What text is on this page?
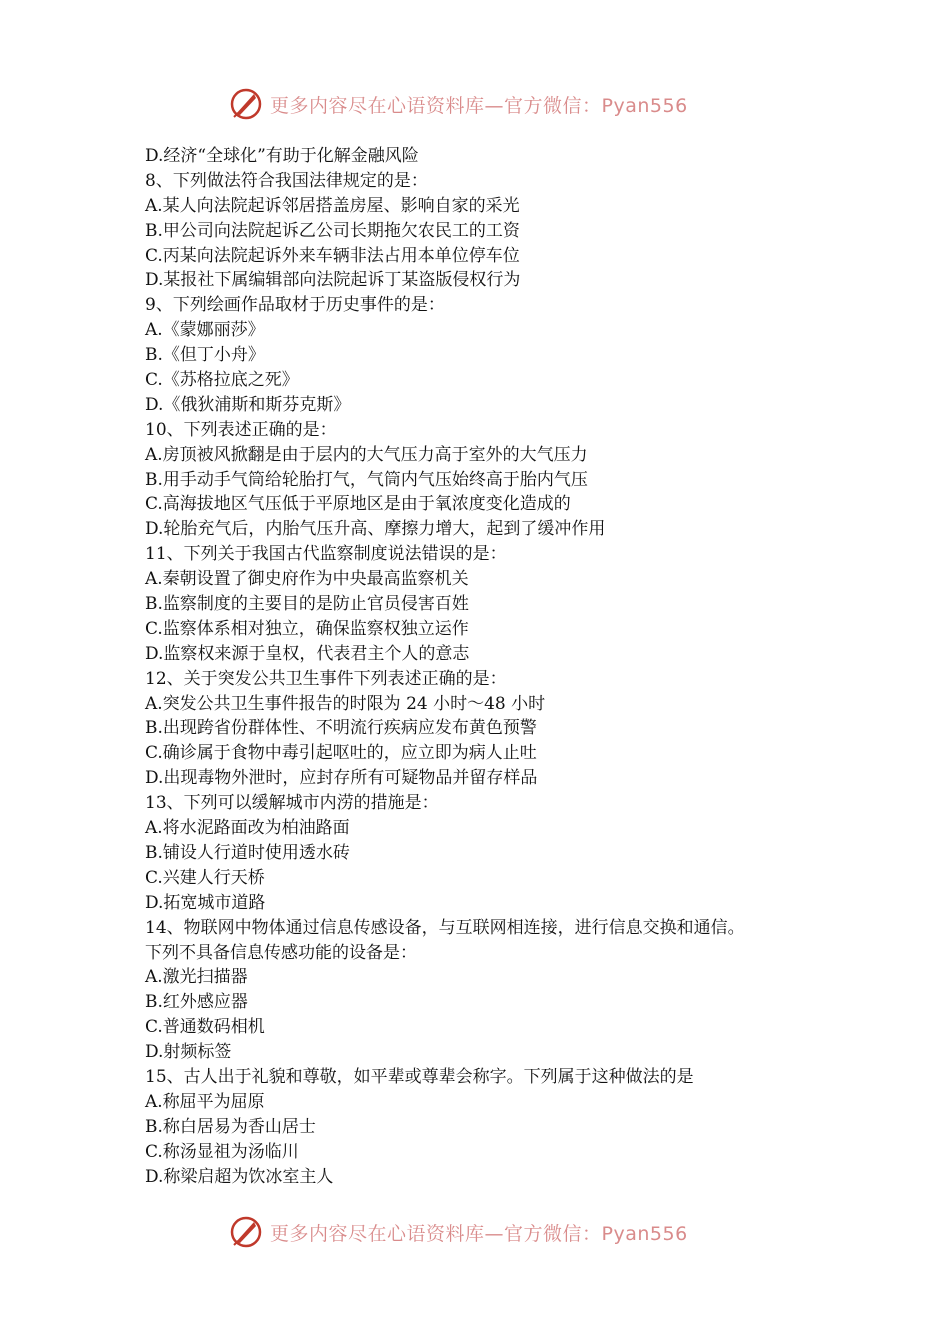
更多内容尽在心语资料库—官方微信：Pyan556
D.经济“全球化”有助于化解金融风险
8、下列做法符合我国法律规定的是：
A.某人向法院起诉邻居搭盖房屋、影响自家的采光
B.甲公司向法院起诉乙公司长期拖欠农民工的工资
C.丙某向法院起诉外来车辆非法占用本单位停车位
D.某报社下属编辑部向法院起诉丁某盗版侵权行为
9、下列绘画作品取材于历史事件的是：
A.《蒙娜丽莎》
B.《但丁小舟》
C.《苏格拉底之死》
D.《俄狄浦斯和斯芬克斯》
10、下列表述正确的是：
A.房顶被风掀翻是由于层内的大气压力高于室外的大气压力
B.用手动手气筒给轮胎打气，气筒内气压始终高于胎内气压
C.高海拔地区气压低于平原地区是由于氧浓度变化造成的
D.轮胎充气后，内胎气压升高、摩擦力增大，起到了缓冲作用
11、下列关于我国古代监察制度说法错误的是：
A.秦朝设置了御史府作为中央最高监察机关
B.监察制度的主要目的是防止官员侵害百姓
C.监察体系相对独立，确保监察权独立运作
D.监察权来源于皇权，代表君主个人的意志
12、关于突发公共卫生事件下列表述正确的是：
A.突发公共卫生事件报告的时限为 24 小时～48 小时
B.出现跨省份群体性、不明流行疾病应发布黄色预警
C.确诊属于食物中毒引起呕吐的，应立即为病人止吐
D.出现毒物外泄时，应封存所有可疑物品并留存样品
13、下列可以缓解城市内涝的措施是：
A.将水泥路面改为柏油路面
B.铺设人行道时使用透水砖
C.兴建人行天桥
D.拓宽城市道路
14、物联网中物体通过信息传感设备，与互联网相连接，进行信息交换和通信。
下列不具备信息传感功能的设备是：
A.激光扫描器
B.红外感应器
C.普通数码相机
D.射频标签
15、古人出于礼貌和尊敬，如平辈或尊辈会称字。下列属于这种做法的是
A.称屈平为屈原
B.称白居易为香山居士
C.称汤显祖为汤临川
D.称梁启超为饮冰室主人
更多内容尽在心语资料库—官方微信：Pyan556
